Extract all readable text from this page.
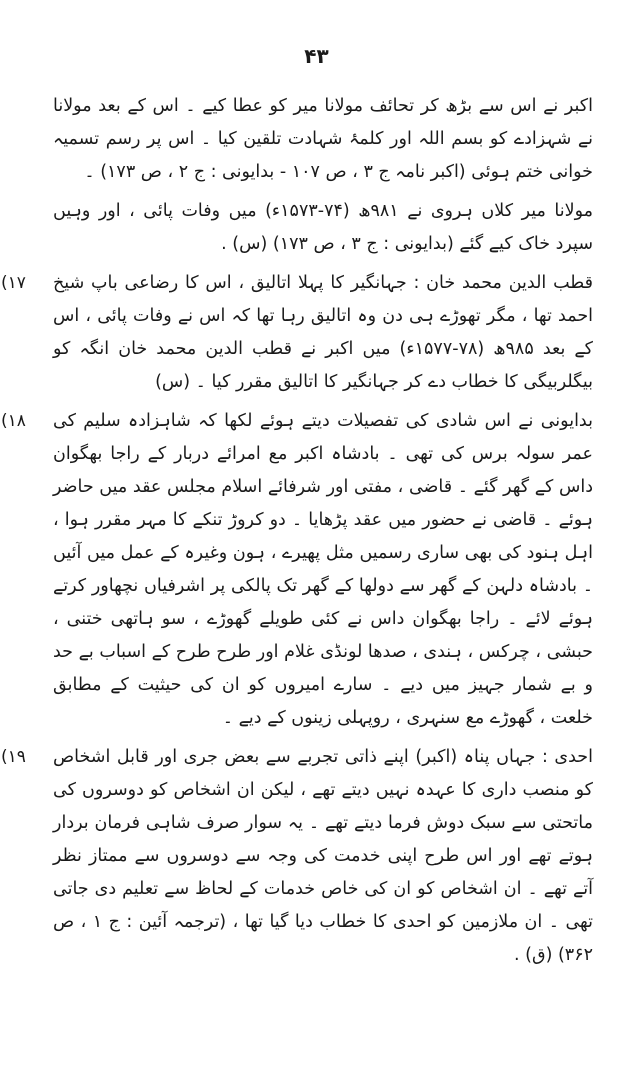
۴۳

اکبر نے اس سے بڑھ کر تحائف مولانا میر کو عطا کیے ۔ اس کے بعد مولانا نے شہزادے کو بسم اللہ اور کلمۂ شہادت تلقین کیا ۔ اس پر رسم تسمیہ خوانی ختم ہوئی (اکبر نامہ ج ۳ ، ص ۱۰۷ - بدایونی : ج ۲ ، ص ۱۷۳) ۔

مولانا میر کلاں ہروی نے ۹۸۱ھ (۷۴-۱۵۷۳ء) میں وفات پائی ، اور وہیں سپرد خاک کیے گئے (بدایونی : ج ۳ ، ص ۱۷۳) (س) .

(۱۷ قطب الدین محمد خان : جہانگیر کا پہلا اتالیق ، اس کا رضاعی باپ شیخ احمد تھا ، مگر تھوڑے ہی دن وہ اتالیق رہا تھا کہ اس نے وفات پائی ، اس کے بعد ۹۸۵ھ (۷۸-۱۵۷۷ء) میں اکبر نے قطب الدین محمد خان انگہ کو بیگلربیگی کا خطاب دے کر جہانگیر کا اتالیق مقرر کیا ۔ (س)
(۱۸ بدایونی نے اس شادی کی تفصیلات دیتے ہوئے لکھا کہ شاہزادہ سلیم کی عمر سولہ برس کی تھی ۔ بادشاہ اکبر مع امرائے دربار کے راجا بھگوان داس کے گھر گئے ۔ قاضی ، مفتی اور شرفائے اسلام مجلس عقد میں حاضر ہوئے ۔ قاضی نے حضور میں عقد پڑھایا ۔ دو کروڑ تنکے کا مہر مقرر ہوا ، اہل ہنود کی بھی ساری رسمیں مثل پھیرے ، ہون وغیرہ کے عمل میں آئیں ۔ بادشاہ دلہن کے گھر سے دولھا کے گھر تک پالکی پر اشرفیاں نچھاور کرتے ہوئے لائے ۔ راجا بھگوان داس نے کئی طویلے گھوڑے ، سو ہاتھی ختنی ، حبشی ، چرکس ، ہندی ، صدھا لونڈی غلام اور طرح طرح کے اسباب بے حد و بے شمار جہیز میں دیے ۔ سارے امیروں کو ان کی حیثیت کے مطابق خلعت ، گھوڑے مع سنہری ، روپہلی زینوں کے دیے ۔
(۱۹ احدی : جہاں پناہ (اکبر) اپنے ذاتی تجربے سے بعض جری اور قابل اشخاص کو منصب داری کا عہدہ نہیں دیتے تھے ، لیکن ان اشخاص کو دوسروں کی ماتحتی سے سبک دوش فرما دیتے تھے ۔ یہ سوار صرف شاہی فرمان بردار ہوتے تھے اور اس طرح اپنی خدمت کی وجہ سے دوسروں سے ممتاز نظر آتے تھے ۔ ان اشخاص کو ان کی خاص خدمات کے لحاظ سے تعلیم دی جاتی تھی ۔ ان ملازمین کو احدی کا خطاب دیا گیا تھا ، (ترجمہ آئین : ج ۱ ، ص ۳۶۲) (ق) .
